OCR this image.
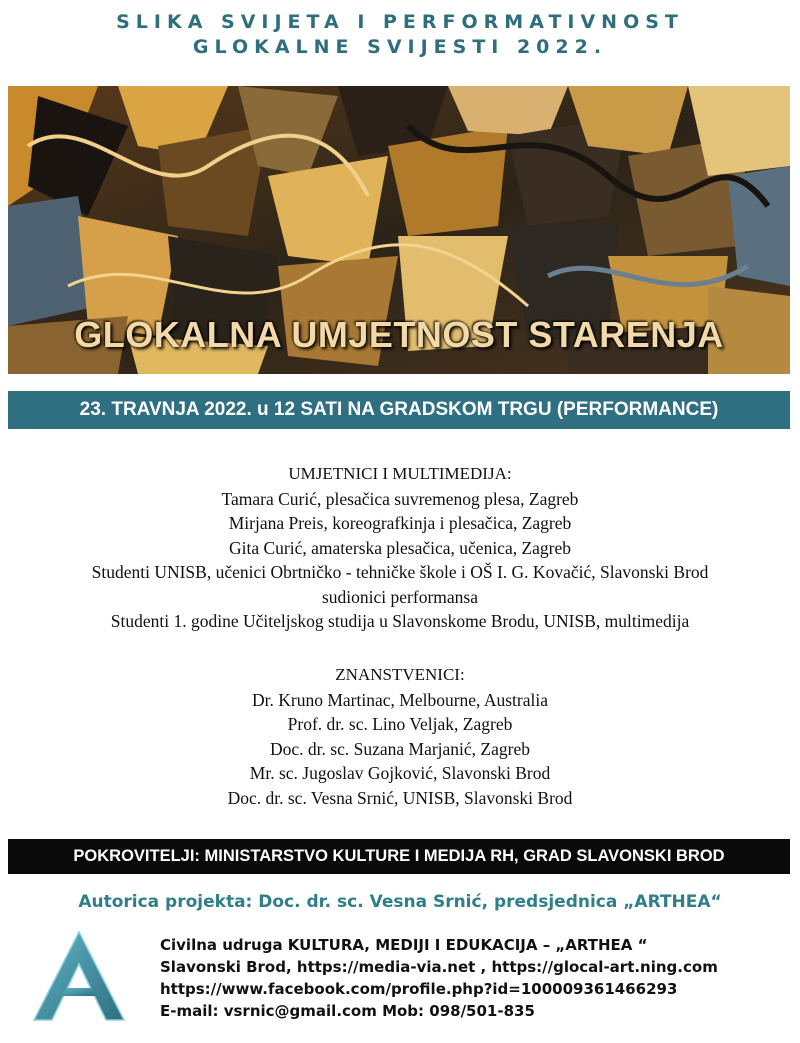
SLIKA SVIJETA I PERFORMATIVNOST
GLOKALNE SVIJESTI 2022.
GLOKALNA UMJETNOST STARENJA
23. TRAVNJA 2022. u 12 SATI NA GRADSKOM TRGU (PERFORMANCE)
UMJETNICI I MULTIMEDIJA:
Tamara Curić, plesačica suvremenog plesa, Zagreb
Mirjana Preis, koreografkinja i plesačica, Zagreb
Gita Curić, amaterska plesačica, učenica, Zagreb
Studenti UNISB, učenici Obrtničko - tehničke škole i OŠ I. G. Kovačić, Slavonski Brod
sudionici performansa
Studenti 1. godine Učiteljskog studija u Slavonskome Brodu, UNISB, multimedija
ZNANSTVENICI:
Dr. Kruno Martinac, Melbourne, Australia
Prof. dr. sc. Lino Veljak, Zagreb
Doc. dr. sc. Suzana Marjanić, Zagreb
Mr. sc. Jugoslav Gojković, Slavonski Brod
Doc. dr. sc. Vesna Srnić, UNISB, Slavonski Brod
POKROVITELJI: MINISTARSTVO KULTURE I MEDIJA RH, GRAD SLAVONSKI BROD
Autorica projekta: Doc. dr. sc. Vesna Srnić, predsjednica „ARTHEA“
Civilna udruga KULTURA, MEDIJI I EDUKACIJA – „ARTHEA “
Slavonski Brod, https://media-via.net , https://glocal-art.ning.com
https://www.facebook.com/profile.php?id=100009361466293
E-mail: vsrnic@gmail.com Mob: 098/501-835
